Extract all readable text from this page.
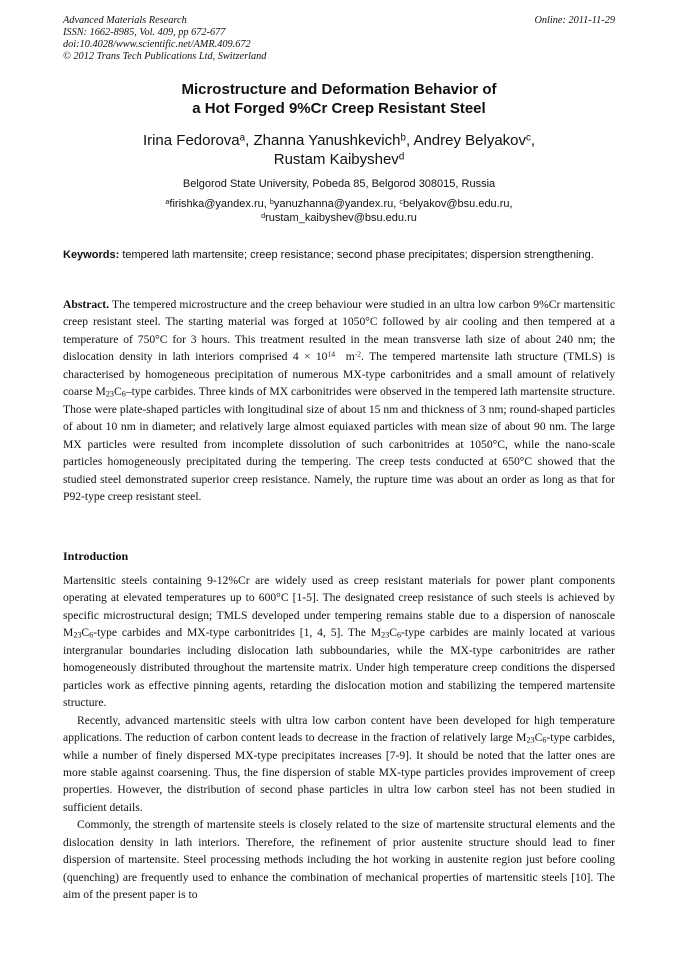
Advanced Materials Research
ISSN: 1662-8985, Vol. 409, pp 672-677
doi:10.4028/www.scientific.net/AMR.409.672
© 2012 Trans Tech Publications Ltd, Switzerland
Online: 2011-11-29
Microstructure and Deformation Behavior of
a Hot Forged 9%Cr Creep Resistant Steel
Irina Fedorova$^a$, Zhanna Yanushkevich$^b$, Andrey Belyakov$^c$,
Rustam Kaibyshev$^d$
Belgorod State University, Pobeda 85, Belgorod 308015, Russia
$^a$firishka@yandex.ru, $^b$yanuzhanna@yandex.ru, $^c$belyakov@bsu.edu.ru,
$^d$rustam_kaibyshev@bsu.edu.ru
Keywords: tempered lath martensite; creep resistance; second phase precipitates; dispersion strengthening.

Abstract. The tempered microstructure and the creep behaviour were studied in an ultra low carbon 9%Cr martensitic creep resistant steel. The starting material was forged at 1050°C followed by air cooling and then tempered at a temperature of 750°C for 3 hours. This treatment resulted in the mean transverse lath size of about 240 nm; the dislocation density in lath interiors comprised $4 \times 10^{14}$ $m^{-2}$. The tempered martensite lath structure (TMLS) is characterised by homogeneous precipitation of numerous MX-type carbonitrides and a small amount of relatively coarse $M_{23}C_6$–type carbides. Three kinds of MX carbonitrides were observed in the tempered lath martensite structure. Those were plate-shaped particles with longitudinal size of about 15 nm and thickness of 3 nm; round-shaped particles of about 10 nm in diameter; and relatively large almost equiaxed particles with mean size of about 90 nm. The large MX particles were resulted from incomplete dissolution of such carbonitrides at 1050°C, while the nano-scale particles homogeneously precipitated during the tempering. The creep tests conducted at 650°C showed that the studied steel demonstrated superior creep resistance. Namely, the rupture time was about an order as long as that for P92-type creep resistant steel.

Introduction

Martensitic steels containing 9-12%Cr are widely used as creep resistant materials for power plant components operating at elevated temperatures up to 600°C [1-5]. The designated creep resistance of such steels is achieved by specific microstructural design; TMLS developed under tempering remains stable due to a dispersion of nanoscale $M_{23}C_6$-type carbides and MX-type carbonitrides [1, 4, 5]. The $M_{23}C_6$-type carbides are mainly located at various intergranular boundaries including dislocation lath subboundaries, while the MX-type carbonitrides are rather homogeneously distributed throughout the martensite matrix. Under high temperature creep conditions the dispersed particles work as effective pinning agents, retarding the dislocation motion and stabilizing the tempered martensite structure.

Recently, advanced martensitic steels with ultra low carbon content have been developed for high temperature applications. The reduction of carbon content leads to decrease in the fraction of relatively large $M_{23}C_6$-type carbides, while a number of finely dispersed MX-type precipitates increases [7-9]. It should be noted that the latter ones are more stable against coarsening. Thus, the fine dispersion of stable MX-type particles provides improvement of creep properties. However, the distribution of second phase particles in ultra low carbon steel has not been studied in sufficient details.

Commonly, the strength of martensite steels is closely related to the size of martensite structural elements and the dislocation density in lath interiors. Therefore, the refinement of prior austenite structure should lead to finer dispersion of martensite. Steel processing methods including the hot working in austenite region just before cooling (quenching) are frequently used to enhance the combination of mechanical properties of martensitic steels [10]. The aim of the present paper is to
